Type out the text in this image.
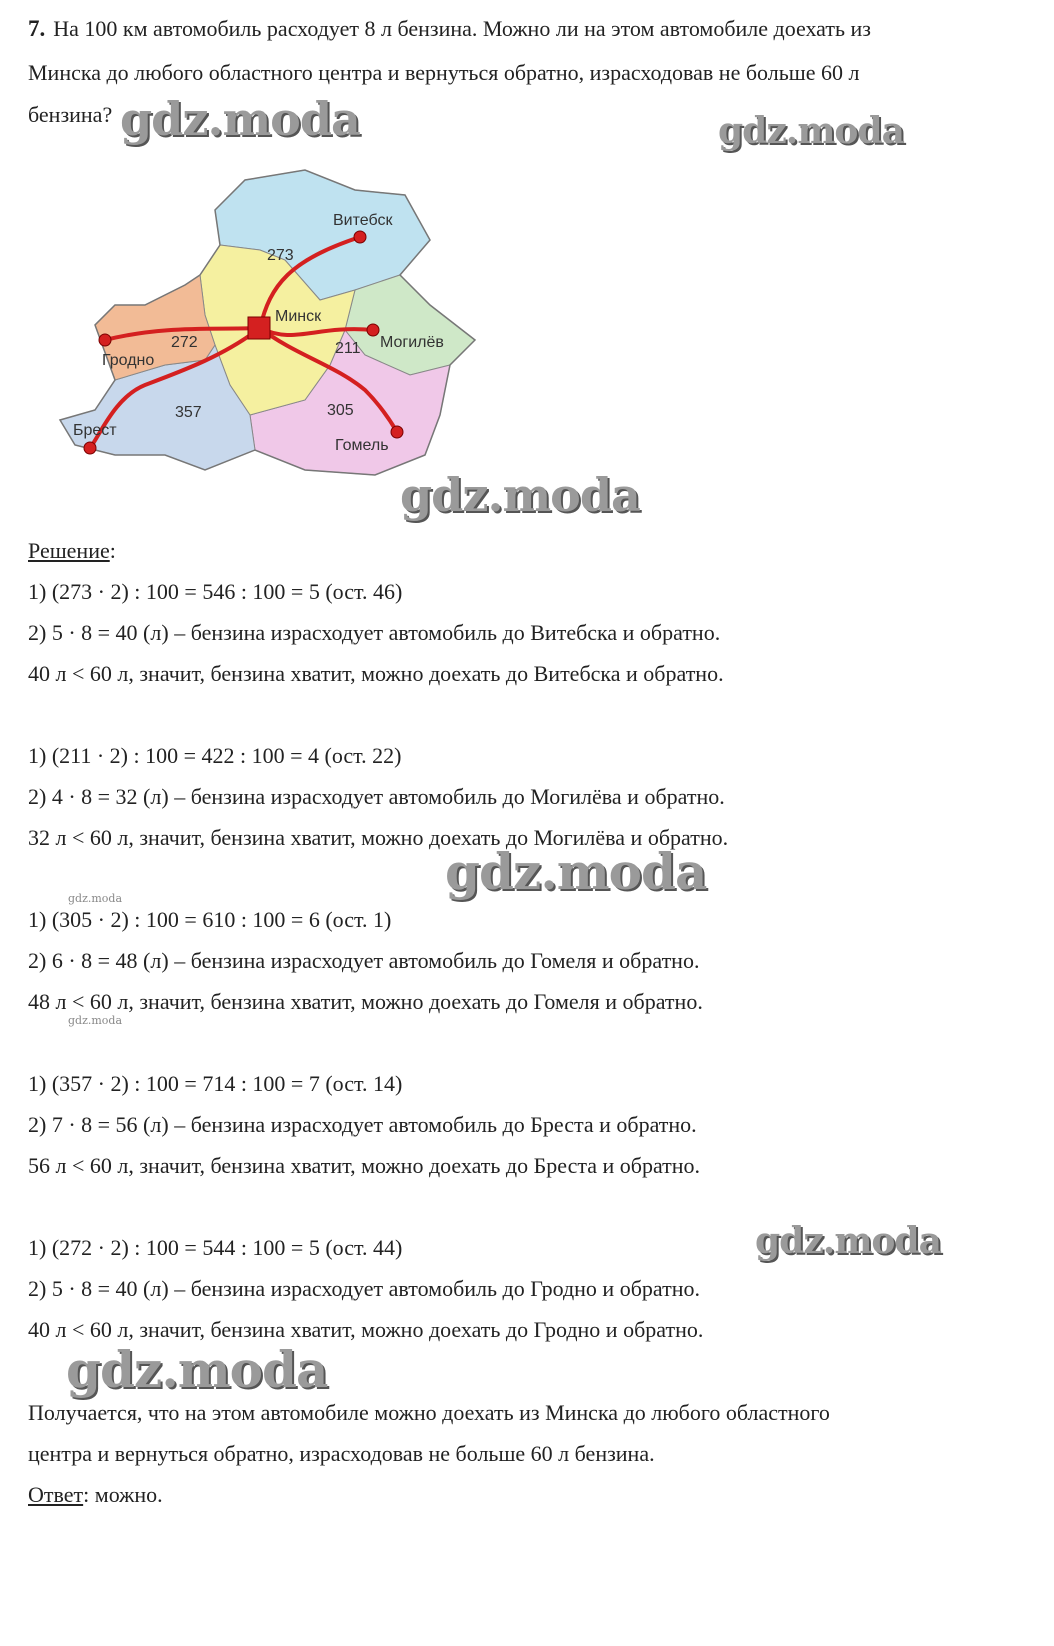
7. На 100 км автомобиль расходует 8 л бензина. Можно ли на этом автомобиле доехать из
Минска до любого областного центра и вернуться обратно, израсходовав не больше 60 л
бензина? gdz.moda	gdz.moda
gdz.moda
gdz.moda
gdz.moda
gdz.moda
gdz.moda
gdz.moda
Минск
Витебск
273
Могилёв
211
Гомель
305
Брест
357
Гродно
272
Решение:
1) (273 · 2) : 100 = 546 : 100 = 5 (ост. 46)
2) 5 · 8 = 40 (л) – бензина израсходует автомобиль до Витебска и обратно.
40 л < 60 л, значит, бензина хватит, можно доехать до Витебска и обратно.
1) (211 · 2) : 100 = 422 : 100 = 4 (ост. 22)
2) 4 · 8 = 32 (л) – бензина израсходует автомобиль до Могилёва и обратно.
32 л < 60 л, значит, бензина хватит, можно доехать до Могилёва и обратно.
1) (305 · 2) : 100 = 610 : 100 = 6 (ост. 1)
2) 6 · 8 = 48 (л) – бензина израсходует автомобиль до Гомеля и обратно.
48 л < 60 л, значит, бензина хватит, можно доехать до Гомеля и обратно.
1) (357 · 2) : 100 = 714 : 100 = 7 (ост. 14)
2) 7 · 8 = 56 (л) – бензина израсходует автомобиль до Бреста и обратно.
56 л < 60 л, значит, бензина хватит, можно доехать до Бреста и обратно.
1) (272 · 2) : 100 = 544 : 100 = 5 (ост. 44)
2) 5 · 8 = 40 (л) – бензина израсходует автомобиль до Гродно и обратно.
40 л < 60 л, значит, бензина хватит, можно доехать до Гродно и обратно.
Получается, что на этом автомобиле можно доехать из Минска до любого областного
центра и вернуться обратно, израсходовав не больше 60 л бензина.
Ответ: можно.
